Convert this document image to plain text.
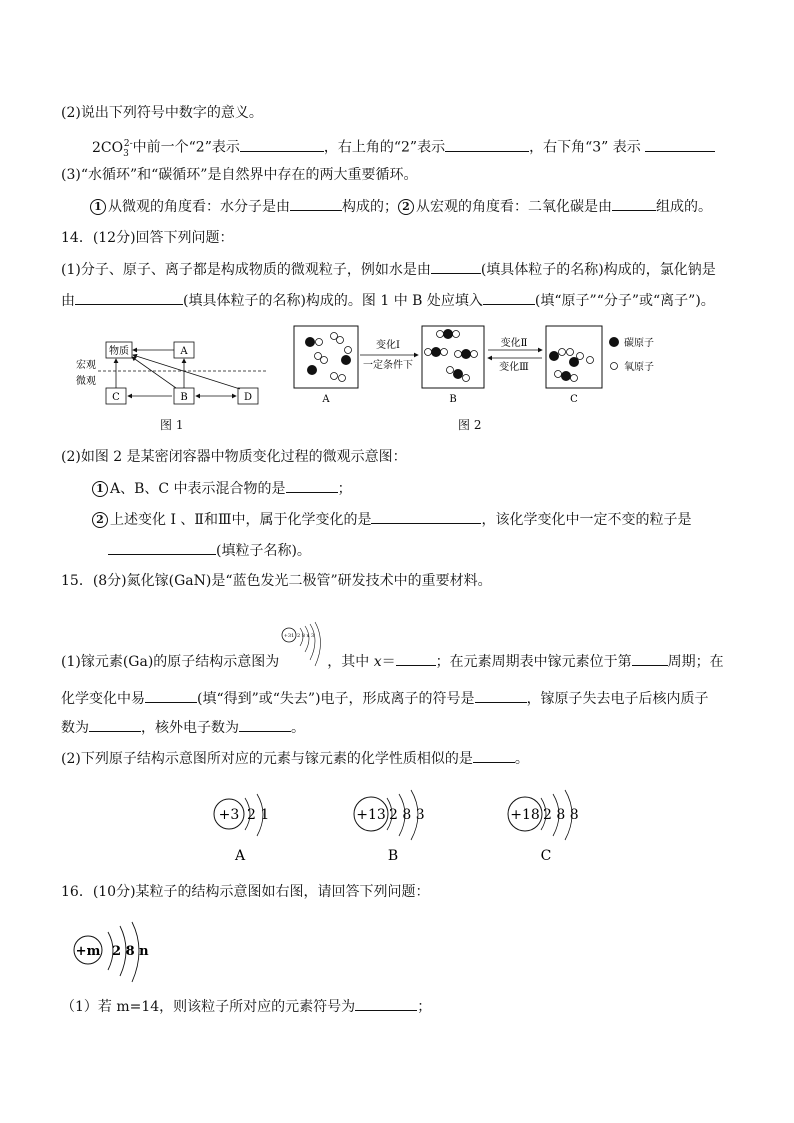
(2)说出下列符号中数字的意义。
$2CO_3^{2-}$中前一个“2”表示	，右上角的“2”表示	，右下角“3” 表示
(3)“水循环”和“碳循环”是自然界中存在的两大重要循环。
1 从微观的角度看：水分子是由	构成的； 2 从宏观的角度看：二氧化碳是由	组成的。
14．(12分)回答下列问题：
(1)分子、原子、离子都是构成物质的微观粒子，例如水是由	(填具体粒子的名称)构成的，氯化钠是
由	(填具体粒子的名称)构成的。图 1 中 B 处应填入	(填“原子”“分子”或“离子”)。
物质	A
宏观
微观
C	B	D
图 1
变化Ⅰ
一定条件下
变化Ⅱ
变化Ⅲ
碳原子
氧原子
A	B	C
图 2
(2)如图 2 是某密闭容器中物质变化过程的微观示意图：
1 A、B、C 中表示混合物的是	；
2 上述变化 Ⅰ 、Ⅱ和Ⅲ中，属于化学变化的是	，该化学变化中一定不变的粒子是
(填粒子名称)。
15．(8分)氮化镓(GaN)是“蓝色发光二极管”研发技术中的重要材料。
+31 2 8 x 3
(1)镓元素(Ga)的原子结构示意图为	，其中 x＝	；在元素周期表中镓元素位于第	周期；在
化学变化中易	(填“得到”或“失去”)电子，形成离子的符号是	，镓原子失去电子后核内质子
数为	，核外电子数为	。
(2)下列原子结构示意图所对应的元素与镓元素的化学性质相似的是	。
+3 2 1
A
+13 2 8 3
B
+18 2 8 8
C
16．(10分)某粒子的结构示意图如右图，请回答下列问题：
+m 2 8 n
（1）若 m=14，则该粒子所对应的元素符号为	；
